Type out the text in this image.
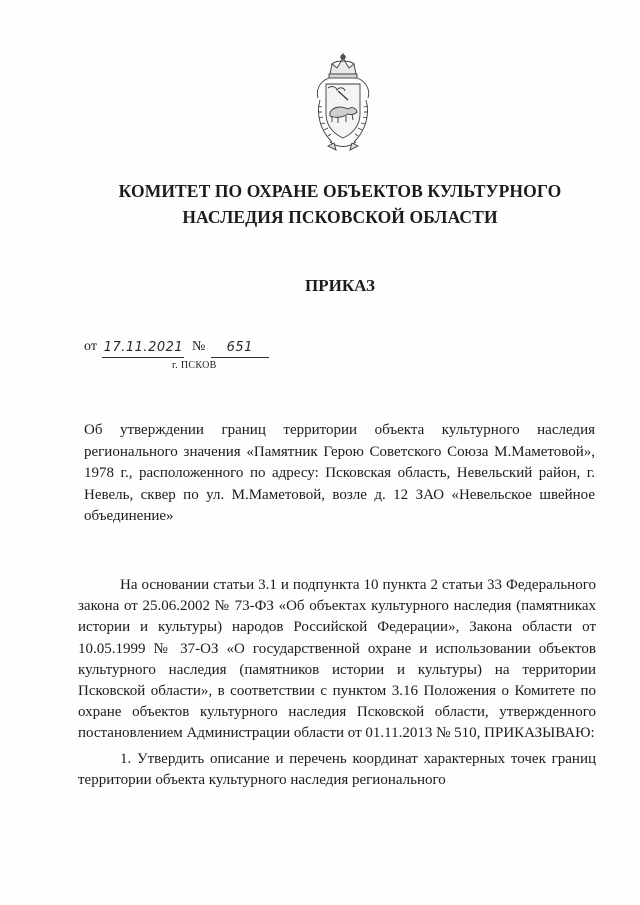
КОМИТЕТ ПО ОХРАНЕ ОБЪЕКТОВ КУЛЬТУРНОГО
НАСЛЕДИЯ ПСКОВСКОЙ ОБЛАСТИ
ПРИКАЗ
от 17.11.2021 № 651
г. ПСКОВ

Об утверждении границ территории объекта культурного наследия регионального значения «Памятник Герою Советского Союза М.Маметовой», 1978 г., расположенного по адресу: Псковская область, Невельский район, г. Невель, сквер по ул. М.Маметовой, возле д. 12 ЗАО «Невельское швейное объединение»

На основании статьи 3.1 и подпункта 10 пункта 2 статьи 33 Федерального закона от 25.06.2002 № 73-ФЗ «Об объектах культурного наследия (памятниках истории и культуры) народов Российской Федерации», Закона области от 10.05.1999 № 37-ОЗ «О государственной охране и использовании объектов культурного наследия (памятников истории и культуры) на территории Псковской области», в соответствии с пунктом 3.16 Положения о Комитете по охране объектов культурного наследия Псковской области, утвержденного постановлением Администрации области от 01.11.2013 № 510, ПРИКАЗЫВАЮ:

1. Утвердить описание и перечень координат характерных точек границ территории объекта культурного наследия регионального
